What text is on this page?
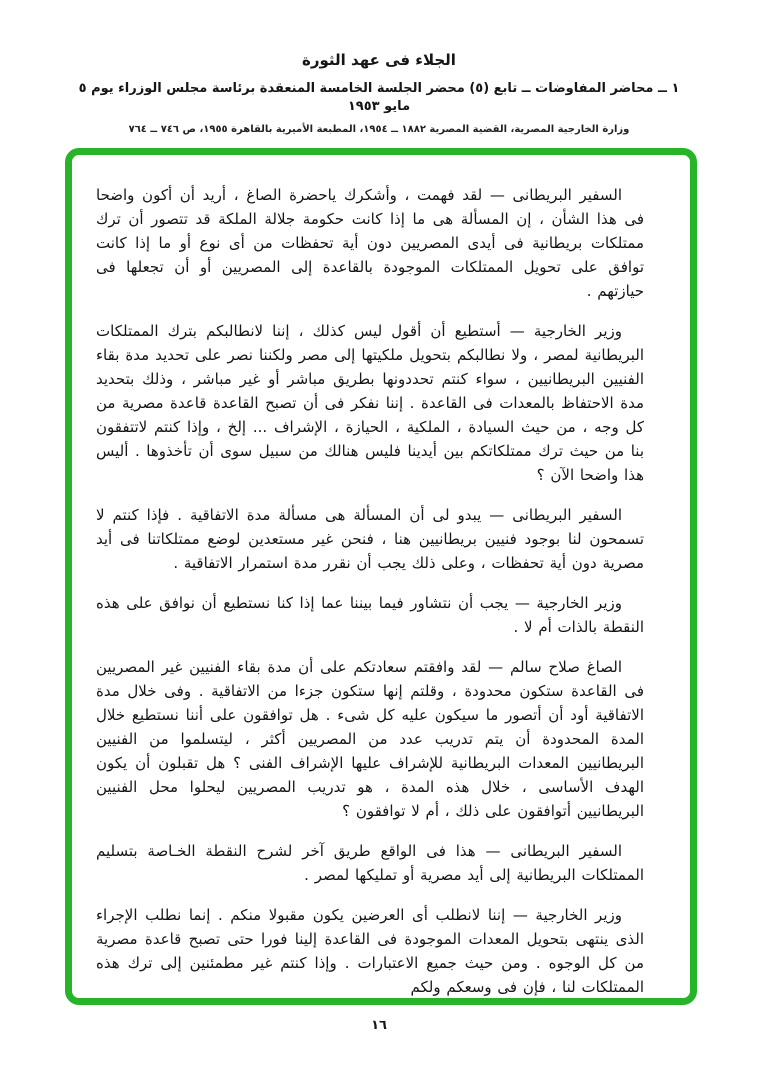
الجلاء فى عهد الثورة
١ ــ محاضر المفاوضات ــ تابع (٥) محضر الجلسة الخامسة المنعقدة برئاسة مجلس الوزراء يوم ٥ مايو ١٩٥٣
وزارة الخارجية المصرية، القضية المصرية ١٨٨٢ ــ ١٩٥٤، المطبعة الأميرية بالقاهرة ١٩٥٥، ص ٧٤٦ ــ ٧٦٤

السفير البريطانى — لقد فهمت ، وأشكرك ياحضرة الصاغ ، أريد أن أكون واضحا فى هذا الشأن ، إن المسألة هى ما إذا كانت حكومة جلالة الملكة قد تتصور أن ترك ممتلكات بريطانية فى أيدى المصريين دون أية تحفظات من أى نوع أو ما إذا كانت توافق على تحويل الممتلكات الموجودة بالقاعدة إلى المصريين أو أن تجعلها فى حيازتهم .

وزير الخارجية — أستطيع أن أقول ليس كذلك ، إننا لانطالبكم بترك الممتلكات البريطانية لمصر ، ولا نطالبكم بتحويل ملكيتها إلى مصر ولكننا نصر على تحديد مدة بقاء الفنيين البريطانيين ، سواء كنتم تحددونها بطريق مباشر أو غير مباشر ، وذلك بتحديد مدة الاحتفاظ بالمعدات فى القاعدة . إننا نفكر فى أن تصبح القاعدة قاعدة مصرية من كل وجه ، من حيث السيادة ، الملكية ، الحيازة ، الإشراف ... إلخ ، وإذا كنتم لاتتفقون بنا من حيث ترك ممتلكاتكم بين أيدينا فليس هنالك من سبيل سوى أن تأخذوها . أليس هذا واضحا الآن ؟

السفير البريطانى — يبدو لى أن المسألة هى مسألة مدة الاتفاقية . فإذا كنتم لا تسمحون لنا بوجود فنيين بريطانيين هنا ، فنحن غير مستعدين لوضع ممتلكاتنا فى أيد مصرية دون أية تحفظات ، وعلى ذلك يجب أن نقرر مدة استمرار الاتفاقية .

وزير الخارجية — يجب أن نتشاور فيما بيننا عما إذا كنا نستطيع أن نوافق على هذه النقطة بالذات أم لا .

الصاغ صلاح سالم — لقد وافقتم سعادتكم على أن مدة بقاء الفنيين غير المصريين فى القاعدة ستكون محدودة ، وقلتم إنها ستكون جزءا من الاتفاقية . وفى خلال مدة الاتفاقية أود أن أتصور ما سيكون عليه كل شىء . هل توافقون على أننا نستطيع خلال المدة المحدودة أن يتم تدريب عدد من المصريين أكثر ، ليتسلموا من الفنيين البريطانيين المعدات البريطانية للإشراف عليها الإشراف الفنى ؟ هل تقبلون أن يكون الهدف الأساسى ، خلال هذه المدة ، هو تدريب المصريين ليحلوا محل الفنيين البريطانيين أتوافقون على ذلك ، أم لا توافقون ؟

السفير البريطانى — هذا فى الواقع طريق آخر لشرح النقطة الخـاصة بتسليم الممتلكات البريطانية إلى أيد مصرية أو تمليكها لمصر .

وزير الخارجية — إننا لانطلب أى العرضين يكون مقبولا منكم . إنما نطلب الإجراء الذى ينتهى بتحويل المعدات الموجودة فى القاعدة إلينا فورا حتى تصبح قاعدة مصرية من كل الوجوه . ومن حيث جميع الاعتبارات . وإذا كنتم غير مطمئنين إلى ترك هذه الممتلكات لنا ، فإن فى وسعكم ولكم

١٦
